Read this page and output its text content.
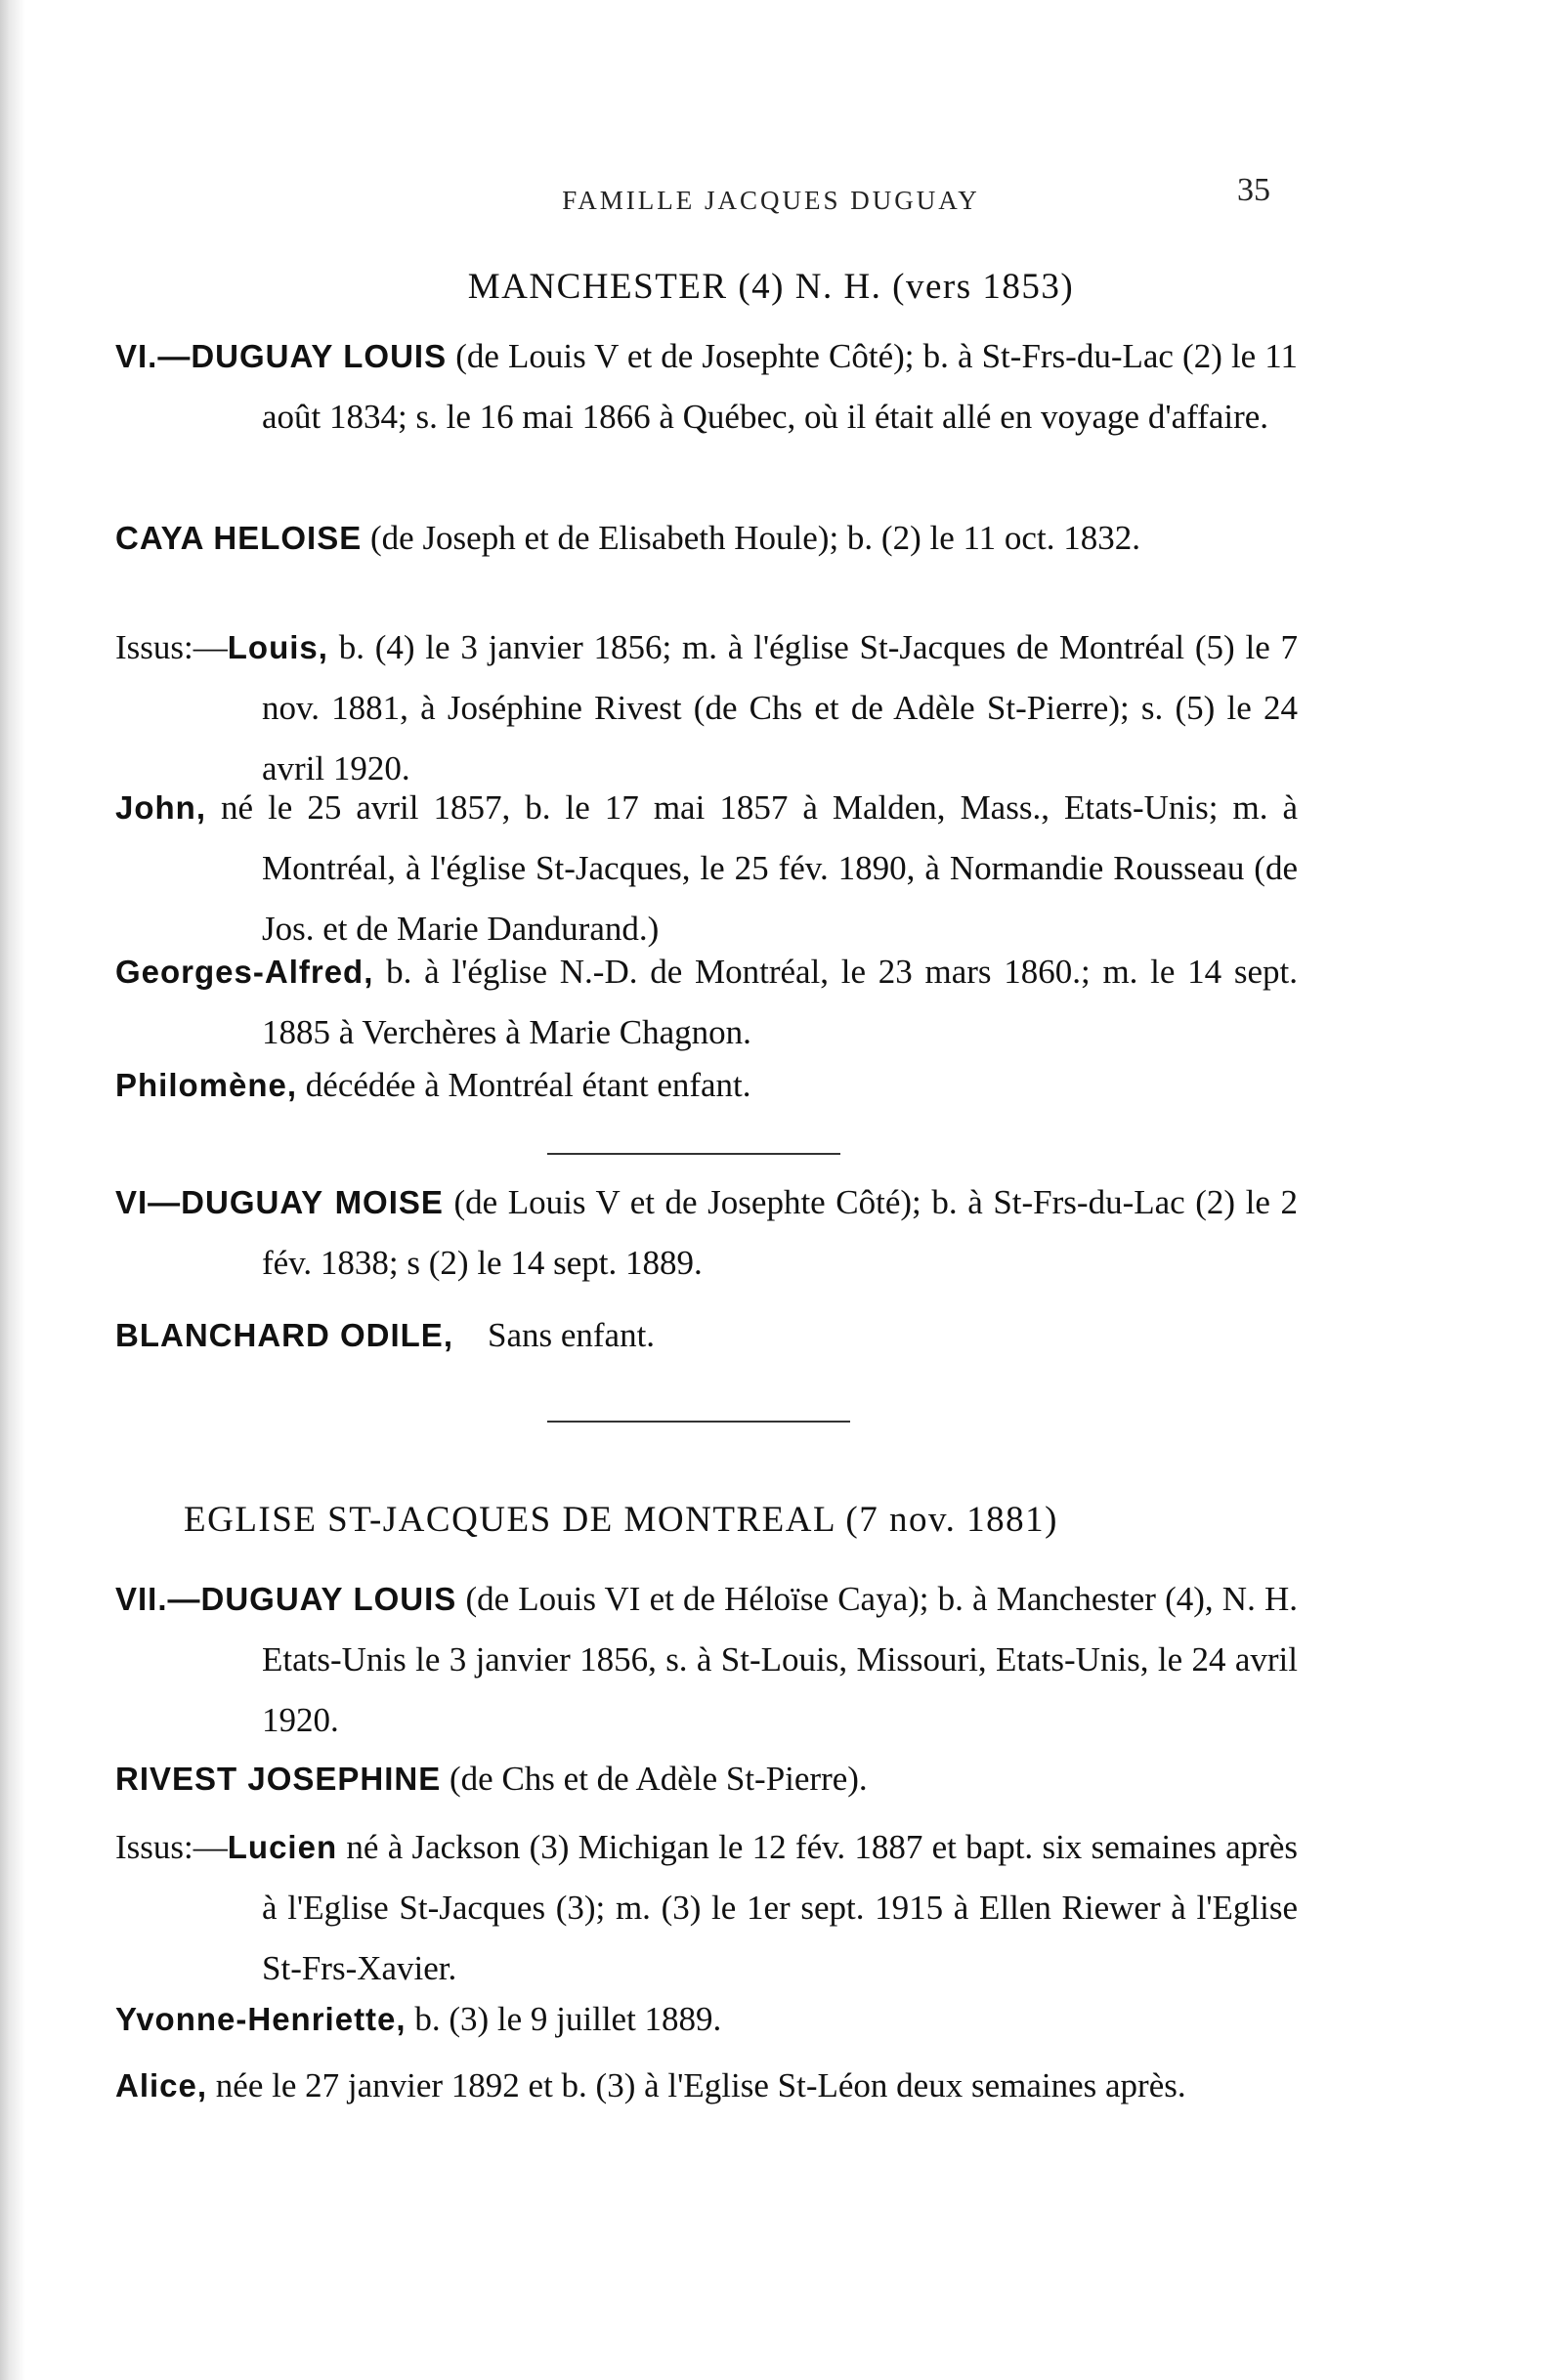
FAMILLE JACQUES DUGUAY	35
MANCHESTER (4) N. H. (vers 1853)

VI.—DUGUAY LOUIS (de Louis V et de Josephte Côté); b. à St-Frs-du-Lac (2) le 11 août 1834; s. le 16 mai 1866 à Québec, où il était allé en voyage d'affaire.

CAYA HELOISE (de Joseph et de Elisabeth Houle); b. (2) le 11 oct. 1832.

Issus:—Louis, b. (4) le 3 janvier 1856; m. à l'église St-Jacques de Montréal (5) le 7 nov. 1881, à Joséphine Rivest (de Chs et de Adèle St-Pierre); s. (5) le 24 avril 1920.

John, né le 25 avril 1857, b. le 17 mai 1857 à Malden, Mass., Etats-Unis; m. à Montréal, à l'église St-Jacques, le 25 fév. 1890, à Normandie Rousseau (de Jos. et de Marie Dandurand.)

Georges-Alfred, b. à l'église N.-D. de Montréal, le 23 mars 1860.; m. le 14 sept. 1885 à Verchères à Marie Chagnon.

Philomène, décédée à Montréal étant enfant.

VI—DUGUAY MOISE (de Louis V et de Josephte Côté); b. à St-Frs-du-Lac (2) le 2 fév. 1838; s (2) le 14 sept. 1889.

BLANCHARD ODILE,    Sans enfant.

EGLISE ST-JACQUES DE MONTREAL (7 nov. 1881)

VII.—DUGUAY LOUIS (de Louis VI et de Héloïse Caya); b. à Manchester (4), N. H. Etats-Unis le 3 janvier 1856, s. à St-Louis, Missouri, Etats-Unis, le 24 avril 1920.

RIVEST JOSEPHINE (de Chs et de Adèle St-Pierre).

Issus:—Lucien né à Jackson (3) Michigan le 12 fév. 1887 et bapt. six semaines après à l'Eglise St-Jacques (3); m. (3) le 1er sept. 1915 à Ellen Riewer à l'Eglise St-Frs-Xavier.

Yvonne-Henriette, b. (3) le 9 juillet 1889.

Alice, née le 27 janvier 1892 et b. (3) à l'Eglise St-Léon deux semaines après.
